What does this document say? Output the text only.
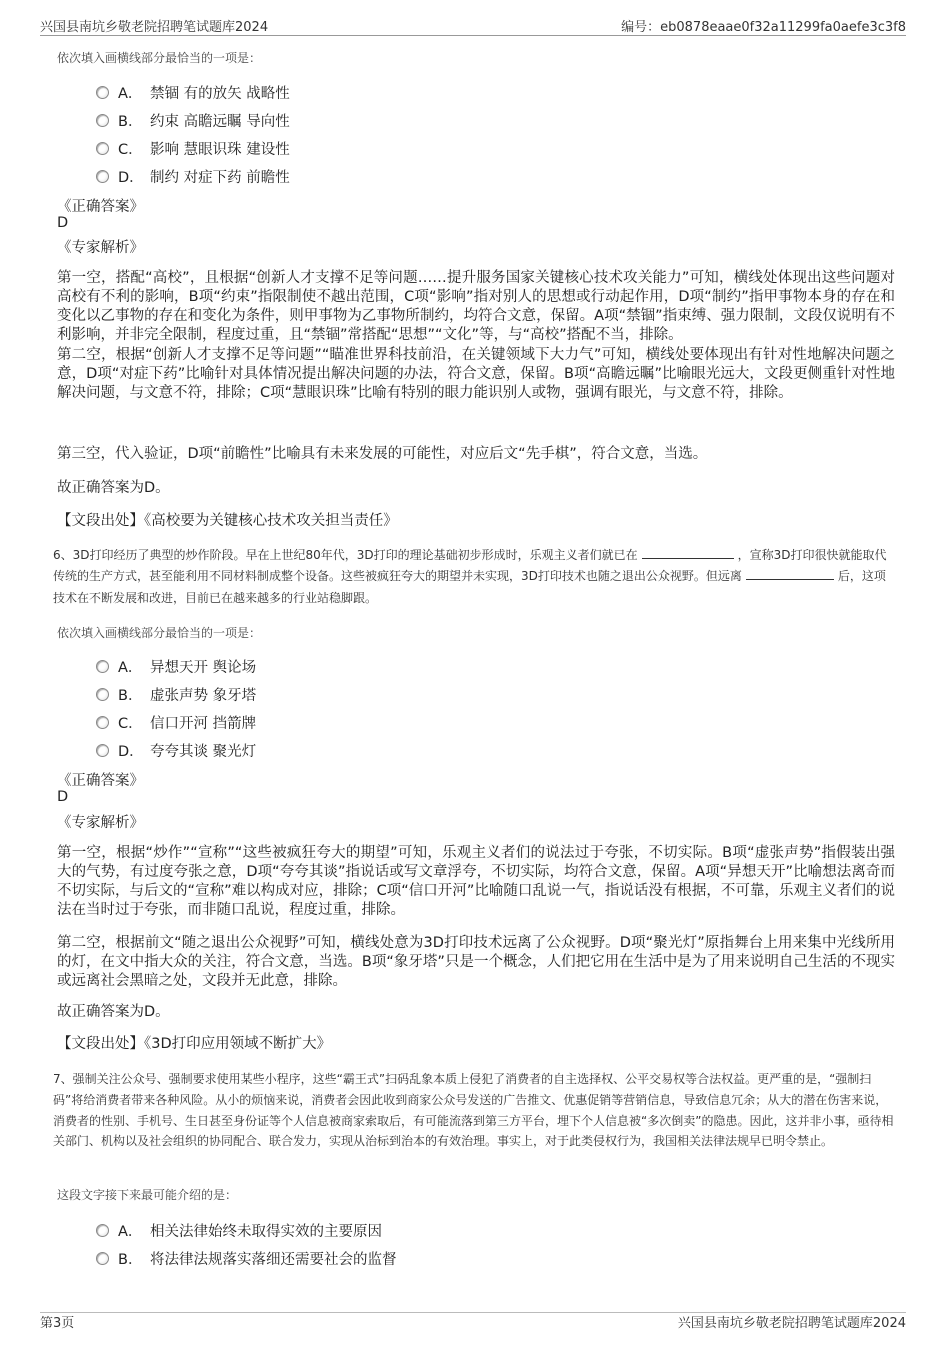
兴国县南坑乡敬老院招聘笔试题库2024	编号：eb0878eaae0f32a11299fa0aefe3c3f8
依次填入画横线部分最恰当的一项是：
A． 禁锢 有的放矢 战略性
B． 约束 高瞻远瞩 导向性
C． 影响 慧眼识珠 建设性
D． 制约 对症下药 前瞻性
《正确答案》
D
《专家解析》
第一空，搭配“高校”，且根据“创新人才支撑不足等问题……提升服务国家关键核心技术攻关能力”可知，横线处体现出这些问题对高校有不利的影响，B项“约束”指限制使不越出范围，C项“影响”指对别人的思想或行动起作用，D项“制约”指甲事物本身的存在和变化以乙事物的存在和变化为条件，则甲事物为乙事物所制约，均符合文意，保留。A项“禁锢”指束缚、强力限制，文段仅说明有不利影响，并非完全限制，程度过重，且“禁锢”常搭配“思想”“文化”等，与“高校”搭配不当，排除。
第二空，根据“创新人才支撑不足等问题”“瞄准世界科技前沿，在关键领域下大力气”可知，横线处要体现出有针对性地解决问题之意，D项“对症下药”比喻针对具体情况提出解决问题的办法，符合文意，保留。B项“高瞻远瞩”比喻眼光远大，文段更侧重针对性地解决问题，与文意不符，排除；C项“慧眼识珠”比喻有特别的眼力能识别人或物，强调有眼光，与文意不符，排除。
第三空，代入验证，D项“前瞻性”比喻具有未来发展的可能性，对应后文“先手棋”，符合文意，当选。
故正确答案为D。
【文段出处】《高校要为关键核心技术攻关担当责任》
6、3D打印经历了典型的炒作阶段。早在上世纪80年代，3D打印的理论基础初步形成时，乐观主义者们就已在	，宣称3D打印很快就能取代传统的生产方式，甚至能利用不同材料制成整个设备。这些被疯狂夸大的期望并未实现，3D打印技术也随之退出公众视野。但远离	后，这项技术在不断发展和改进，目前已在越来越多的行业站稳脚跟。
依次填入画横线部分最恰当的一项是：
A． 异想天开 舆论场
B． 虚张声势 象牙塔
C． 信口开河 挡箭牌
D． 夸夸其谈 聚光灯
《正确答案》
D
《专家解析》
第一空，根据“炒作”“宣称”“这些被疯狂夸大的期望”可知，乐观主义者们的说法过于夸张，不切实际。B项“虚张声势”指假装出强大的气势，有过度夸张之意，D项“夸夸其谈”指说话或写文章浮夸，不切实际，均符合文意，保留。A项“异想天开”比喻想法离奇而不切实际，与后文的“宣称”难以构成对应，排除；C项“信口开河”比喻随口乱说一气，指说话没有根据，不可靠，乐观主义者们的说法在当时过于夸张，而非随口乱说，程度过重，排除。
第二空，根据前文“随之退出公众视野”可知，横线处意为3D打印技术远离了公众视野。D项“聚光灯”原指舞台上用来集中光线所用的灯，在文中指大众的关注，符合文意，当选。B项“象牙塔”只是一个概念，人们把它用在生活中是为了用来说明自己生活的不现实或远离社会黑暗之处，文段并无此意，排除。
故正确答案为D。
【文段出处】《3D打印应用领域不断扩大》
7、强制关注公众号、强制要求使用某些小程序，这些“霸王式”扫码乱象本质上侵犯了消费者的自主选择权、公平交易权等合法权益。更严重的是，“强制扫码”将给消费者带来各种风险。从小的烦恼来说，消费者会因此收到商家公众号发送的广告推文、优惠促销等营销信息，导致信息冗余；从大的潜在伤害来说，消费者的性别、手机号、生日甚至身份证等个人信息被商家索取后，有可能流落到第三方平台，埋下个人信息被“多次倒卖”的隐患。因此，这并非小事，亟待相关部门、机构以及社会组织的协同配合、联合发力，实现从治标到治本的有效治理。事实上，对于此类侵权行为，我国相关法律法规早已明令禁止。
这段文字接下来最可能介绍的是：
A． 相关法律始终未取得实效的主要原因
B． 将法律法规落实落细还需要社会的监督
第3页	兴国县南坑乡敬老院招聘笔试题库2024
